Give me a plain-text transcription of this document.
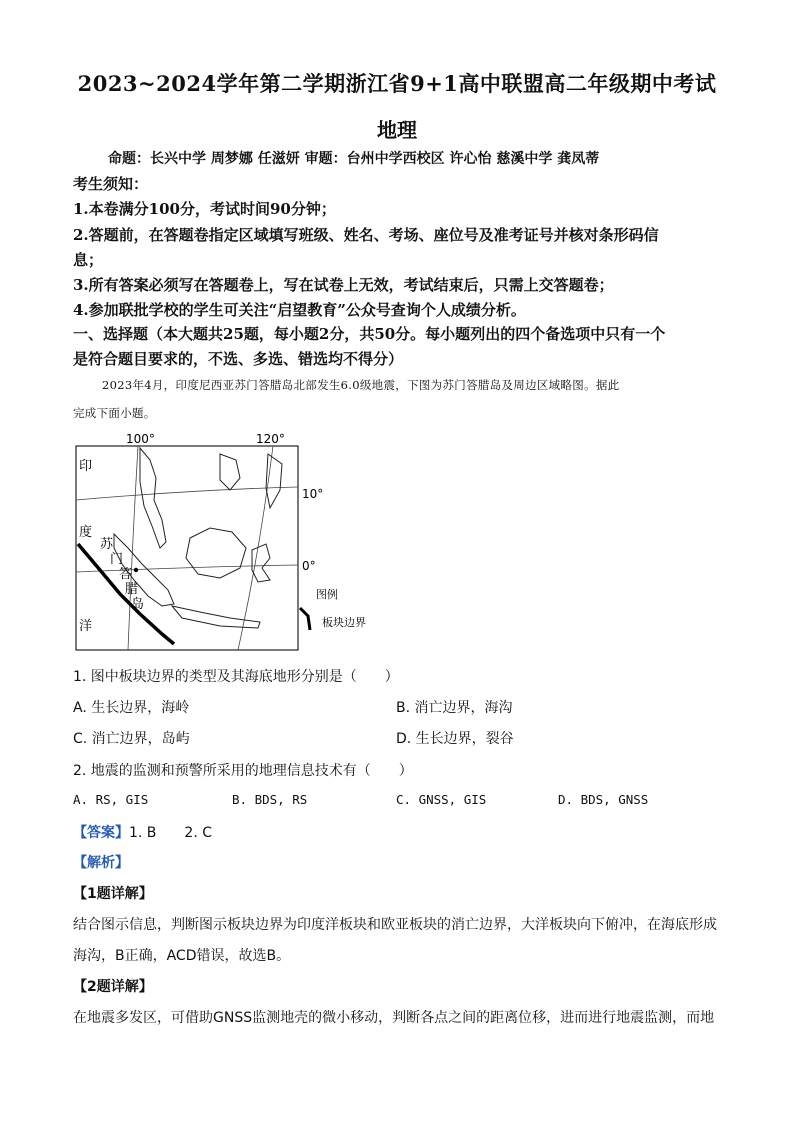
2023~2024学年第二学期浙江省9+1高中联盟高二年级期中考试
地理
命题：长兴中学 周梦娜 任滋妍 审题：台州中学西校区 许心怡 慈溪中学 龚凤蒂
考生须知：
1.本卷满分100分，考试时间90分钟；
2.答题前，在答题卷指定区域填写班级、姓名、考场、座位号及准考证号并核对条形码信
息；
3.所有答案必须写在答题卷上，写在试卷上无效，考试结束后，只需上交答题卷；
4.参加联批学校的学生可关注“启望教育”公众号查询个人成绩分析。
一、选择题（本大题共25题，每小题2分，共50分。每小题列出的四个备选项中只有一个
是符合题目要求的，不选、多选、错选均不得分）
2023年4月，印度尼西亚苏门答腊岛北部发生6.0级地震，下图为苏门答腊岛及周边区域略图。据此
完成下面小题。
100°	120°
10°
0°
印
度
苏
门
答
腊
岛
洋
图例
板块边界
1. 图中板块边界的类型及其海底地形分别是（　　）
A. 生长边界，海岭	B. 消亡边界，海沟
C. 消亡边界，岛屿	D. 生长边界，裂谷
2. 地震的监测和预警所采用的地理信息技术有（　　）
A. RS, GIS	B. BDS, RS	C. GNSS, GIS	D. BDS, GNSS
【答案】1. B　　2. C
【解析】
【1题详解】
结合图示信息，判断图示板块边界为印度洋板块和欧亚板块的消亡边界，大洋板块向下俯冲，在海底形成
海沟，B正确，ACD错误，故选B。
【2题详解】
在地震多发区，可借助GNSS监测地壳的微小移动，判断各点之间的距离位移，进而进行地震监测，而地
